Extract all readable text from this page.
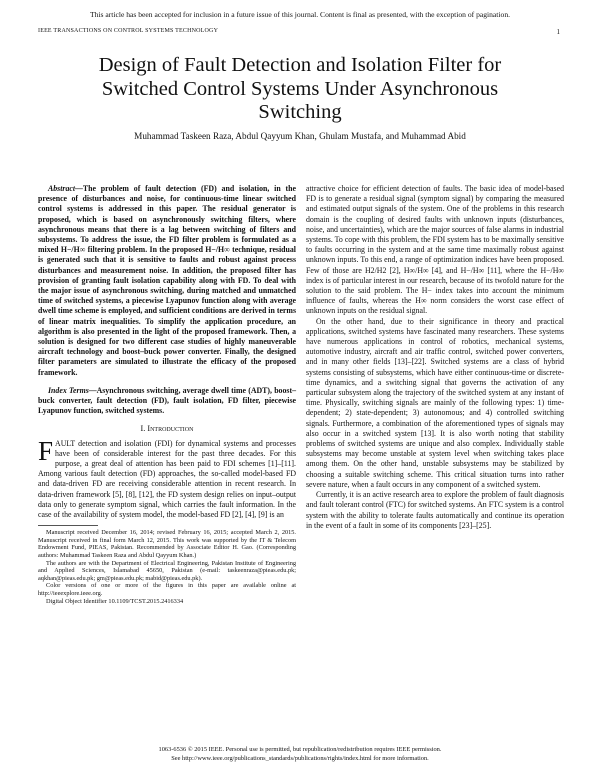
This article has been accepted for inclusion in a future issue of this journal. Content is final as presented, with the exception of pagination.
IEEE TRANSACTIONS ON CONTROL SYSTEMS TECHNOLOGY	1
Design of Fault Detection and Isolation Filter for Switched Control Systems Under Asynchronous Switching
Muhammad Taskeen Raza, Abdul Qayyum Khan, Ghulam Mustafa, and Muhammad Abid

Abstract—The problem of fault detection (FD) and isolation, in the presence of disturbances and noise, for continuous-time linear switched control systems is addressed in this paper. The residual generator is proposed, which is based on asynchronously switching filters, where asynchronous means that there is a lag between switching of filters and subsystems. To address the issue, the FD filter problem is formulated as a mixed H−/H∞ filtering problem. In the proposed H−/H∞ technique, residual is generated such that it is sensitive to faults and robust against process disturbances and measurement noise. In addition, the proposed filter has provision of granting fault isolation capability along with FD. To deal with the major issue of asynchronous switching, during matched and unmatched time of switched systems, a piecewise Lyapunov function along with average dwell time scheme is employed, and sufficient conditions are derived in terms of linear matrix inequalities. To simplify the application procedure, an algorithm is also presented in the light of the proposed framework. Then, a solution is designed for two different case studies of highly maneuverable aircraft technology and boost–buck power converter. Finally, the designed filter parameters are simulated to illustrate the efficacy of the proposed framework.

Index Terms—Asynchronous switching, average dwell time (ADT), boost–buck converter, fault detection (FD), fault isolation, FD filter, piecewise Lyapunov function, switched systems.

I. Introduction

FAULT detection and isolation (FDI) for dynamical systems and processes have been of considerable interest for the past three decades. For this purpose, a great deal of attention has been paid to FDI schemes [1]–[11]. Among various fault detection (FD) approaches, the so-called model-based FD and data-driven FD are receiving considerable attention in recent research. In data-driven framework [5], [8], [12], the FD system design relies on input–output data only to generate symptom signal, which carries the fault information. In the case of the availability of system model, the model-based FD [2], [4], [9] is an

Manuscript received December 16, 2014; revised February 16, 2015; accepted March 2, 2015. Manuscript received in final form March 12, 2015. This work was supported by the IT & Telecom Endowment Fund, PIEAS, Pakistan. Recommended by Associate Editor H. Gao. (Corresponding authors: Muhammad Taskeen Raza and Abdul Qayyum Khan.)

The authors are with the Department of Electrical Engineering, Pakistan Institute of Engineering and Applied Sciences, Islamabad 45650, Pakistan (e-mail: taskeenraza@pieas.edu.pk; aqkhan@pieas.edu.pk; gm@pieas.edu.pk; mabid@pieas.edu.pk).

Color versions of one or more of the figures in this paper are available online at http://ieeexplore.ieee.org.

Digital Object Identifier 10.1109/TCST.2015.2416334

attractive choice for efficient detection of faults. The basic idea of model-based FD is to generate a residual signal (symptom signal) by comparing the measured and estimated output signals of the system. One of the problems in this research domain is the coupling of desired faults with unknown inputs (disturbances, noise, and uncertainties), which are the major sources of false alarms in industrial systems. To cope with this problem, the FDI system has to be maximally sensitive to faults occurring in the system and at the same time maximally robust against unknown inputs. To this end, a range of optimization indices have been proposed. Few of those are H2/H2 [2], H∞/H∞ [4], and H−/H∞ [11], where the H−/H∞ index is of particular interest in our research, because of its twofold nature for the solution to the said problem. The H− index takes into account the minimum influence of faults, whereas the H∞ norm considers the worst case effect of unknown inputs on the residual signal.

On the other hand, due to their significance in theory and practical applications, switched systems have fascinated many researchers. These systems have numerous applications in control of robotics, mechanical systems, automotive industry, aircraft and air traffic control, switched power converters, and in many other fields [13]–[22]. Switched systems are a class of hybrid systems consisting of subsystems, which have either continuous-time or discrete-time dynamics, and a switching signal that governs the activation of any particular subsystem along the trajectory of the switched system at any instant of time. Physically, switching signals are mainly of the following types: 1) time-dependent; 2) state-dependent; 3) autonomous; and 4) controlled switching signals. Furthermore, a combination of the aforementioned types of signals may also occur in a switched system [13]. It is also worth noting that stability problems of switched systems are unique and also complex. Individually stable subsystems may become unstable at system level when switching takes place among them. On the other hand, unstable subsystems may be stabilized by choosing a suitable switching scheme. This critical situation turns into rather severe nature, when a fault occurs in any component of a switched system.

Currently, it is an active research area to explore the problem of fault diagnosis and fault tolerant control (FTC) for switched systems. An FTC system is a control system with the ability to tolerate faults automatically and continue its operation in the event of a fault in some of its components [23]–[25].

1063-6536 © 2015 IEEE. Personal use is permitted, but republication/redistribution requires IEEE permission.
See http://www.ieee.org/publications_standards/publications/rights/index.html for more information.
